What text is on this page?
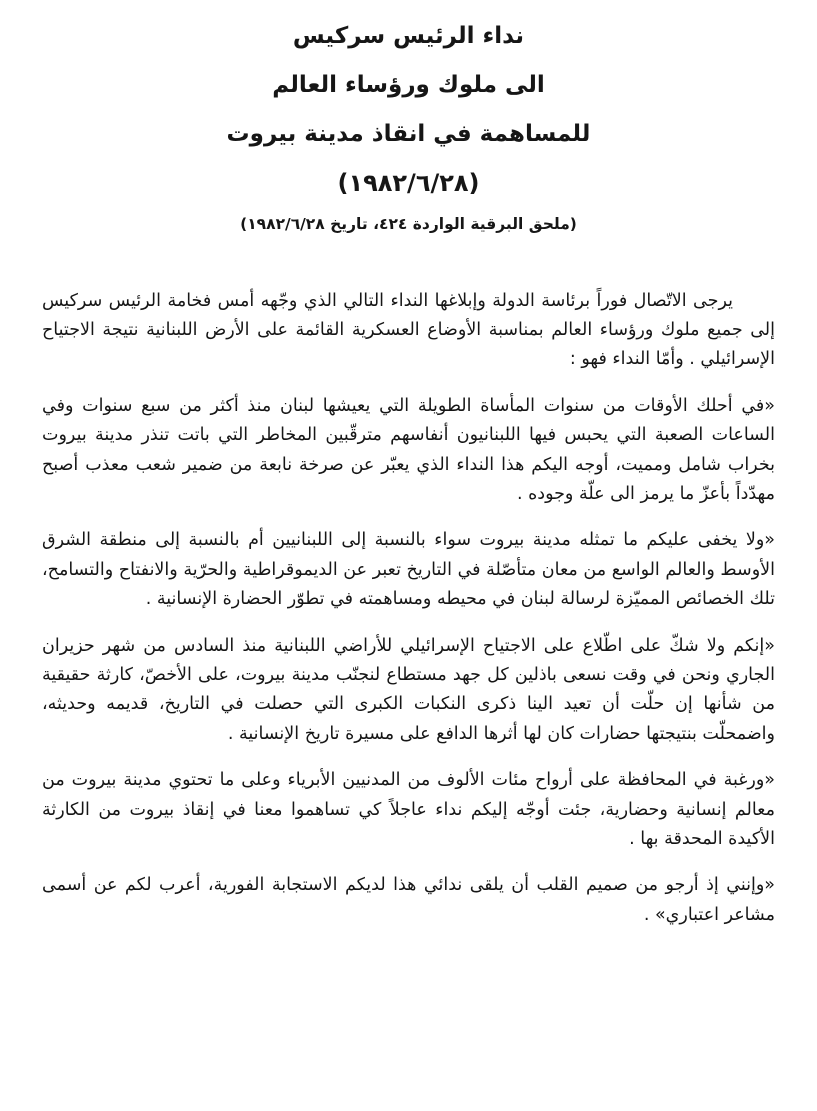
نداء الرئيس سركيس
الى ملوك ورؤساء العالم
للمساهمة في انقاذ مدينة بيروت
(١٩٨٢/٦/٢٨)
(ملحق البرقية الواردة ٤٢٤، تاريخ ١٩٨٢/٦/٢٨)

يرجى الاتّصال فوراً برئاسة الدولة وإبلاغها النداء التالي الذي وجّهه أمس فخامة الرئيس سركيس إلى جميع ملوك ورؤساء العالم بمناسبة الأوضاع العسكرية القائمة على الأرض اللبنانية نتيجة الاجتياح الإسرائيلي . وأمّا النداء فهو :

«في أحلك الأوقات من سنوات المأساة الطويلة التي يعيشها لبنان منذ أكثر من سبع سنوات وفي الساعات الصعبة التي يحبس فيها اللبنانيون أنفاسهم مترقّبين المخاطر التي باتت تنذر مدينة بيروت بخراب شامل ومميت، أوجه اليكم هذا النداء الذي يعبّر عن صرخة نابعة من ضمير شعب معذب أصبح مهدّداً بأعزّ ما يرمز الى علّة وجوده .

«ولا يخفى عليكم ما تمثله مدينة بيروت سواء بالنسبة إلى اللبنانيين أم بالنسبة إلى منطقة الشرق الأوسط والعالم الواسع من معان متأصّلة في التاريخ تعبر عن الديموقراطية والحرّية والانفتاح والتسامح، تلك الخصائص المميّزة لرسالة لبنان في محيطه ومساهمته في تطوّر الحضارة الإنسانية .

«إنكم ولا شكّ على اطّلاع على الاجتياح الإسرائيلي للأراضي اللبنانية منذ السادس من شهر حزيران الجاري ونحن في وقت نسعى باذلين كل جهد مستطاع لنجنّب مدينة بيروت، على الأخصّ، كارثة حقيقية من شأنها إن حلّت أن تعيد الينا ذكرى النكبات الكبرى التي حصلت في التاريخ، قديمه وحديثه، واضمحلّت بنتيجتها حضارات كان لها أثرها الدافع على مسيرة تاريخ الإنسانية .

«ورغبة في المحافظة على أرواح مئات الألوف من المدنيين الأبرياء وعلى ما تحتوي مدينة بيروت من معالم إنسانية وحضارية، جئت أوجّه إليكم نداء عاجلاً كي تساهموا معنا في إنقاذ بيروت من الكارثة الأكيدة المحدقة بها .

«وإنني إذ أرجو من صميم القلب أن يلقى ندائي هذا لديكم الاستجابة الفورية، أعرب لكم عن أسمى مشاعر اعتباري» .
